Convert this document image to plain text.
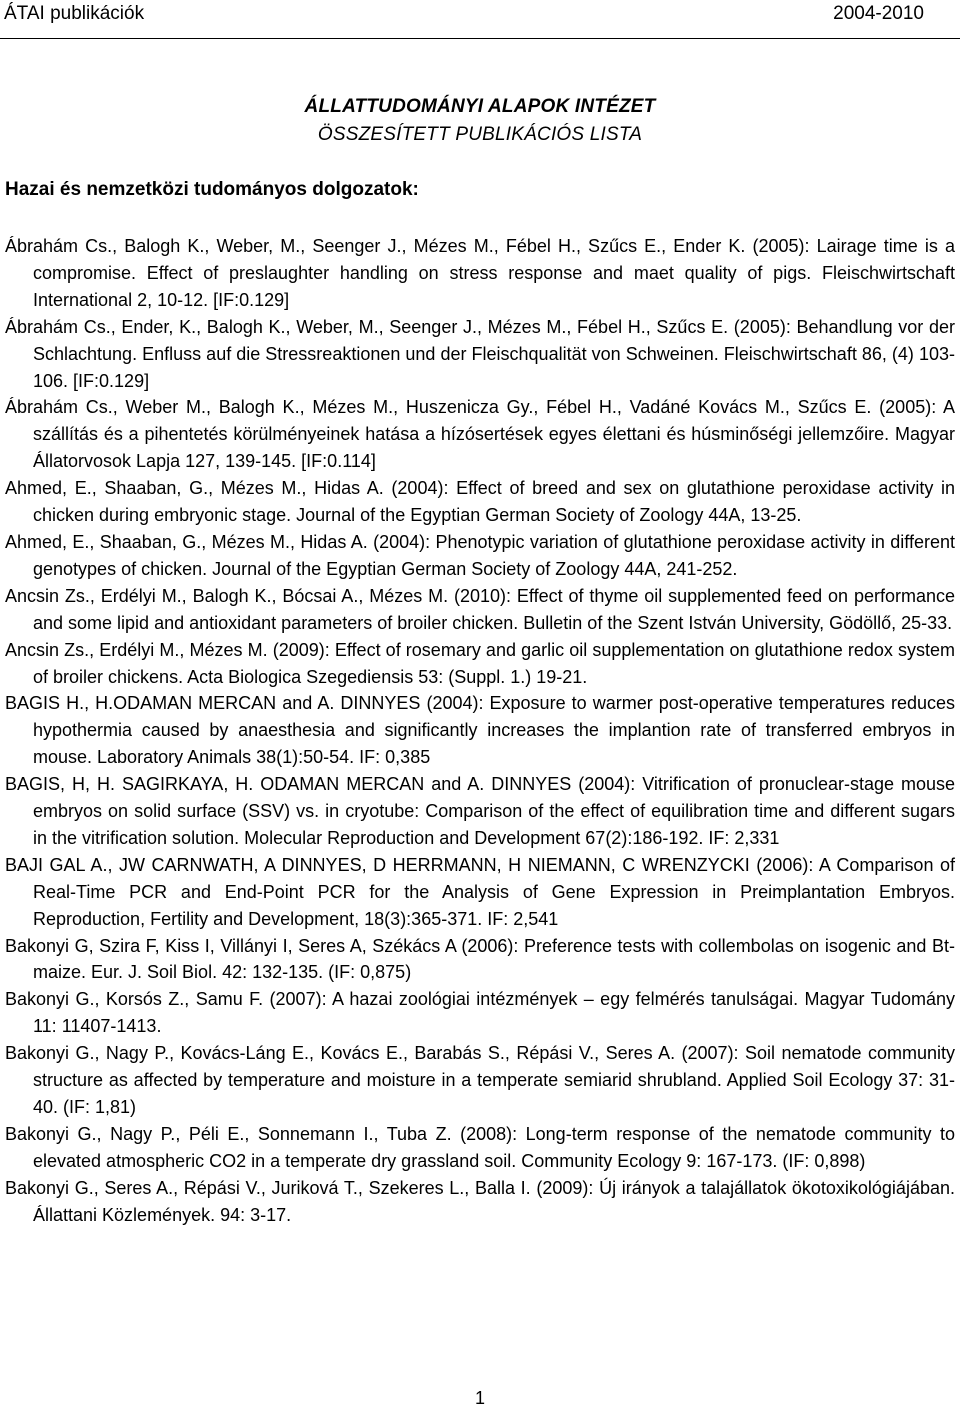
ÁTAI publikációk	2004-2010
ÁLLATTUDOMÁNYI ALAPOK INTÉZET
ÖSSZESÍTETT PUBLIKÁCIÓS LISTA
Hazai és nemzetközi tudományos dolgozatok:

Ábrahám Cs., Balogh K., Weber, M., Seenger J., Mézes M., Fébel H., Szűcs E., Ender K. (2005): Lairage time is a compromise. Effect of preslaughter handling on stress response and maet quality of pigs. Fleischwirtschaft International 2, 10-12. [IF:0.129]

Ábrahám Cs., Ender, K., Balogh K., Weber, M., Seenger J., Mézes M., Fébel H., Szűcs E. (2005): Behandlung vor der Schlachtung. Enfluss auf die Stressreaktionen und der Fleischqualität von Schweinen. Fleischwirtschaft 86, (4) 103-106. [IF:0.129]

Ábrahám Cs., Weber M., Balogh K., Mézes M., Huszenicza Gy., Fébel H., Vadáné Kovács M., Szűcs E. (2005): A szállítás és a pihentetés körülményeinek hatása a hízósertések egyes élettani és húsminőségi jellemzőire. Magyar Állatorvosok Lapja 127, 139-145. [IF:0.114]

Ahmed, E., Shaaban, G., Mézes M., Hidas A. (2004): Effect of breed and sex on glutathione peroxidase activity in chicken during embryonic stage. Journal of the Egyptian German Society of Zoology 44A, 13-25.

Ahmed, E., Shaaban, G., Mézes M., Hidas A. (2004): Phenotypic variation of glutathione peroxidase activity in different genotypes of chicken. Journal of the Egyptian German Society of Zoology 44A, 241-252.

Ancsin Zs., Erdélyi M., Balogh K., Bócsai A., Mézes M. (2010): Effect of thyme oil supplemented feed on performance and some lipid and antioxidant parameters of broiler chicken. Bulletin of the Szent István University, Gödöllő, 25-33.

Ancsin Zs., Erdélyi M., Mézes M. (2009): Effect of rosemary and garlic oil supplementation on glutathione redox system of broiler chickens. Acta Biologica Szegediensis 53: (Suppl. 1.) 19-21.

BAGIS H., H.ODAMAN MERCAN and A. DINNYES (2004): Exposure to warmer post-operative temperatures reduces hypothermia caused by anaesthesia and significantly increases the implantion rate of transferred embryos in mouse. Laboratory Animals 38(1):50-54. IF: 0,385

BAGIS, H, H. SAGIRKAYA, H. ODAMAN MERCAN and A. DINNYES (2004): Vitrification of pronuclear-stage mouse embryos on solid surface (SSV) vs. in cryotube: Comparison of the effect of equilibration time and different sugars in the vitrification solution. Molecular Reproduction and Development 67(2):186-192. IF: 2,331

BAJI GAL A., JW CARNWATH, A DINNYES, D HERRMANN, H NIEMANN, C WRENZYCKI (2006): A Comparison of Real-Time PCR and End-Point PCR for the Analysis of Gene Expression in Preimplantation Embryos. Reproduction, Fertility and Development, 18(3):365-371. IF: 2,541

Bakonyi G, Szira F, Kiss I, Villányi I, Seres A, Székács A (2006): Preference tests with collembolas on isogenic and Bt-maize. Eur. J. Soil Biol. 42: 132-135. (IF: 0,875)

Bakonyi G., Korsós Z., Samu F. (2007): A hazai zoológiai intézmények – egy felmérés tanulságai. Magyar Tudomány 11: 11407-1413.

Bakonyi G., Nagy P., Kovács-Láng E., Kovács E., Barabás S., Répási V., Seres A. (2007): Soil nematode community structure as affected by temperature and moisture in a temperate semiarid shrubland. Applied Soil Ecology 37: 31-40. (IF: 1,81)

Bakonyi G., Nagy P., Péli E., Sonnemann I., Tuba Z. (2008): Long-term response of the nematode community to elevated atmospheric CO2 in a temperate dry grassland soil. Community Ecology 9: 167-173. (IF: 0,898)

Bakonyi G., Seres A., Répási V., Juriková T., Szekeres L., Balla I. (2009): Új irányok a talajállatok ökotoxikológiájában. Állattani Közlemények. 94: 3-17.

1
